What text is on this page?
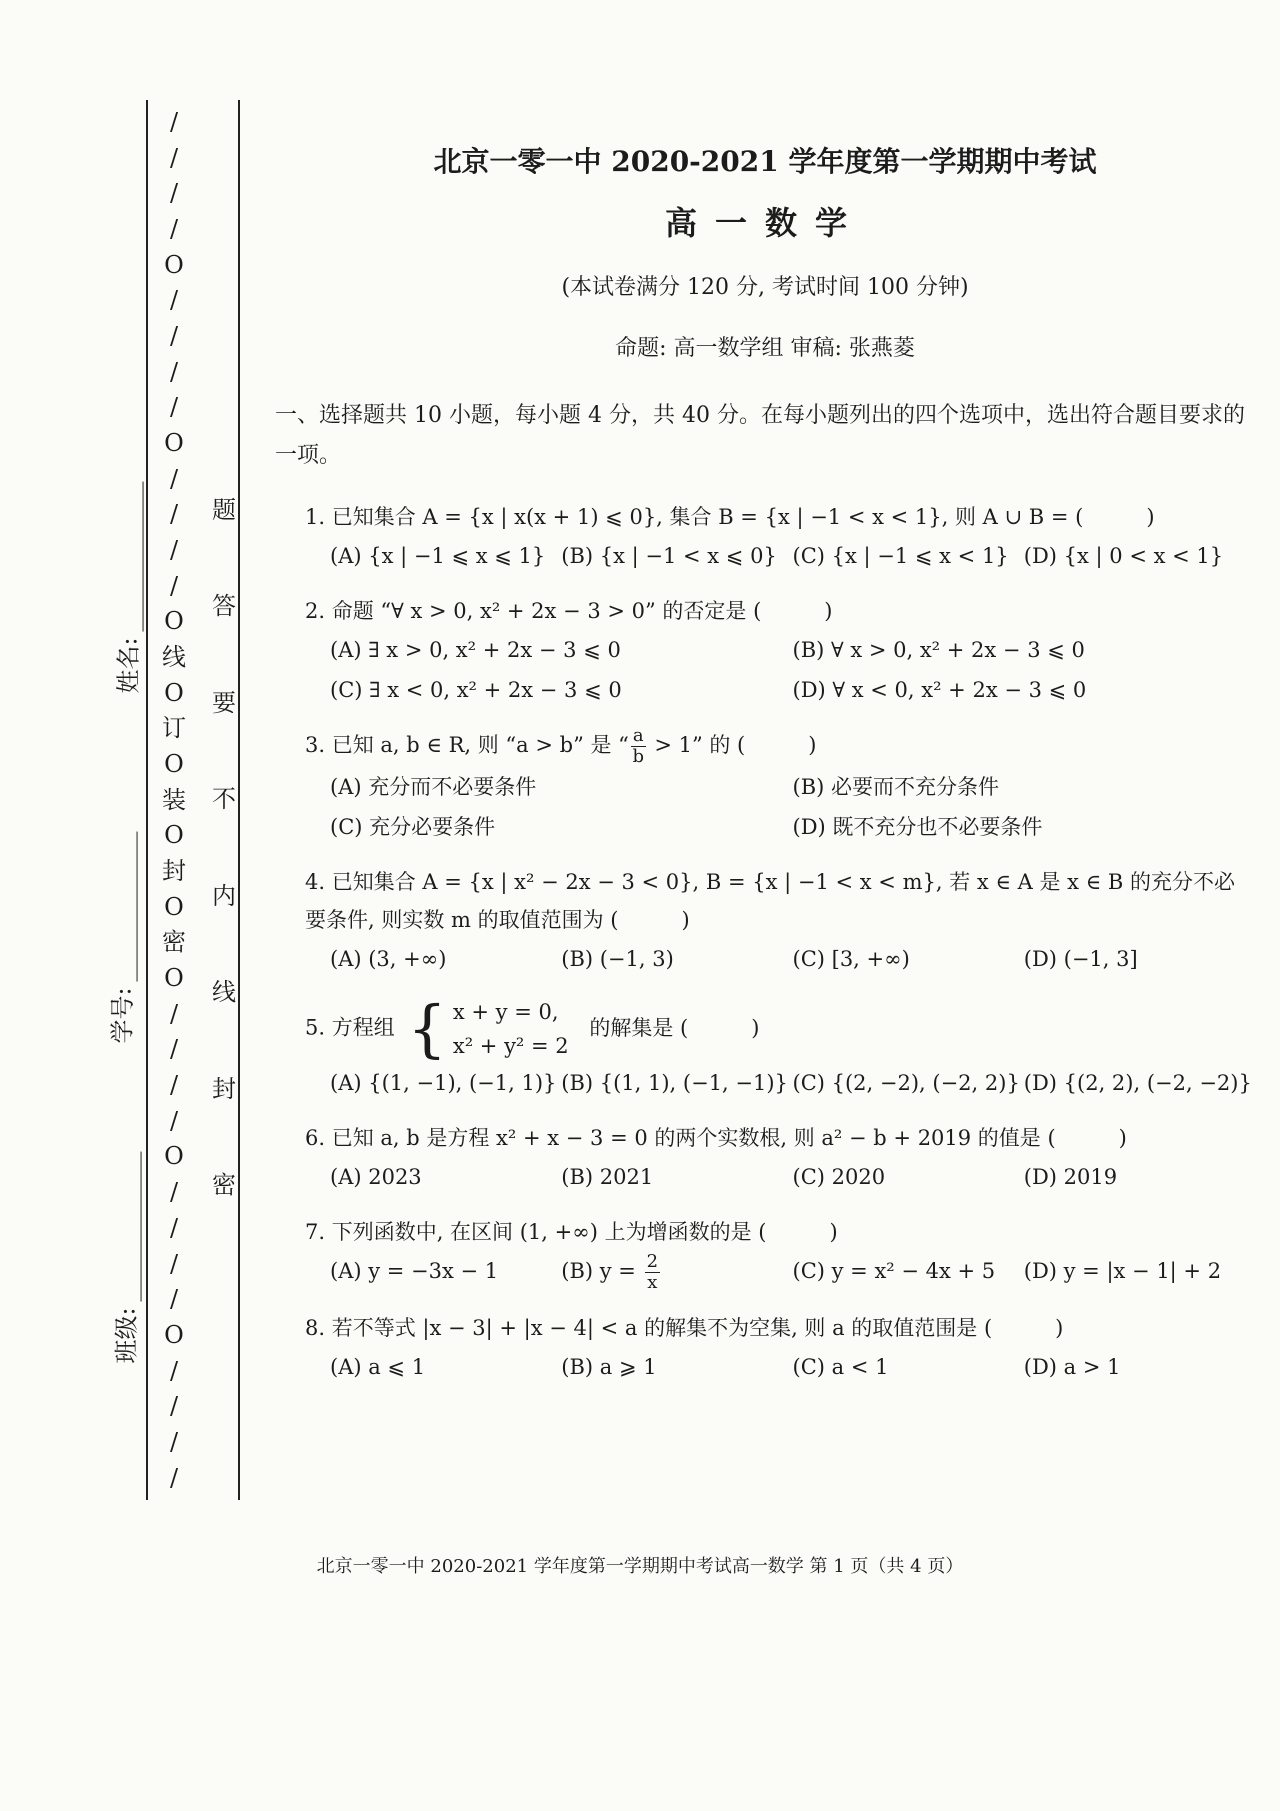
/
/
/
/
O
/
/
/
/
O
/
/
/
/
O
线
O
订
O
装
O
封
O
密
O
/
/
/
/
O
/
/
/
/
O
/
/
/
/
题
答
要
不
内
线
封
密
姓名:
学号:
班级:
北京一零一中 2020-2021 学年度第一学期期中考试
高一数学
(本试卷满分 120 分, 考试时间 100 分钟)
命题: 高一数学组 审稿: 张燕菱
一、选择题共 10 小题，每小题 4 分，共 40 分。在每小题列出的四个选项中，选出符合题目要求的一项。
1. 已知集合 A = {x | x(x + 1) ⩽ 0}, 集合 B = {x | −1 < x < 1}, 则 A ∪ B = (　　　)
(A) {x | −1 ⩽ x ⩽ 1} (B) {x | −1 < x ⩽ 0} (C) {x | −1 ⩽ x < 1} (D) {x | 0 < x < 1}
2. 命题 “∀ x > 0, x² + 2x − 3 > 0” 的否定是 (　　　)
(A) ∃ x > 0, x² + 2x − 3 ⩽ 0	(B) ∀ x > 0, x² + 2x − 3 ⩽ 0
(C) ∃ x < 0, x² + 2x − 3 ⩽ 0	(D) ∀ x < 0, x² + 2x − 3 ⩽ 0
3. 已知 a, b ∈ R, 则 “a > b” 是 “ $\frac{a}{b} > 1$” 的 (　　　)
(A) 充分而不必要条件	(B) 必要而不充分条件
(C) 充分必要条件	(D) 既不充分也不必要条件
4. 已知集合 A = {x | x² − 2x − 3 < 0}, B = {x | −1 < x < m}, 若 x ∈ A 是 x ∈ B 的充分不必要条件, 则实数 m 的取值范围为 (　　　)
(A) (3, +∞)	(B) (−1, 3)	(C) [3, +∞)	(D) (−1, 3]
5. 方程组 { x + y = 0,
x² + y² = 2
的解集是 (　　　)
(A) {(1, −1), (−1, 1)} (B) {(1, 1), (−1, −1)} (C) {(2, −2), (−2, 2)} (D) {(2, 2), (−2, −2)}
6. 已知 a, b 是方程 x² + x − 3 = 0 的两个实数根, 则 a² − b + 2019 的值是 (　　　)
(A) 2023	(B) 2021	(C) 2020	(D) 2019
7. 下列函数中, 在区间 (1, +∞) 上为增函数的是 (　　　)
(A) y = −3x − 1	(B) $y = \frac{2}{x}$	(C) y = x² − 4x + 5	(D) y = |x − 1| + 2
8. 若不等式 |x − 3| + |x − 4| < a 的解集不为空集, 则 a 的取值范围是 (　　　)
(A) a ⩽ 1	(B) a ⩾ 1	(C) a < 1	(D) a > 1
北京一零一中 2020-2021 学年度第一学期期中考试高一数学 第 1 页（共 4 页）
